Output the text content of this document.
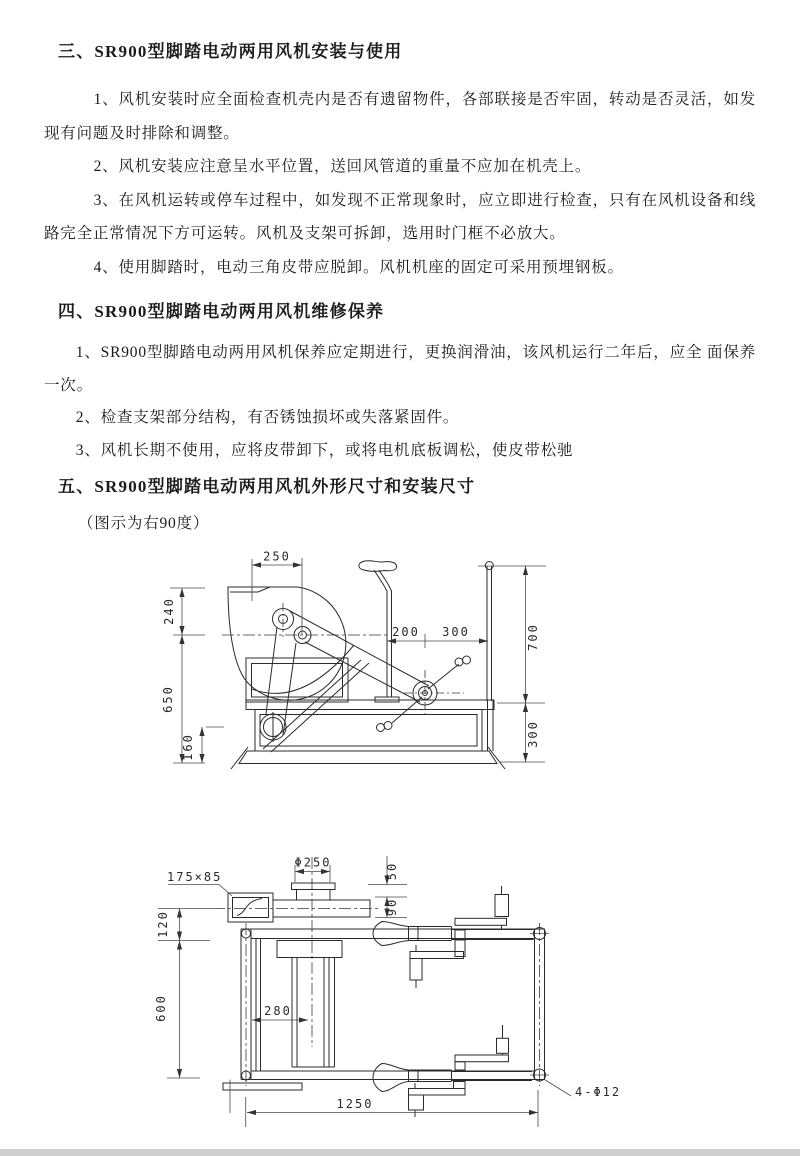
三、SR900型脚踏电动两用风机安装与使用

1、风机安装时应全面检查机壳内是否有遗留物件，各部联接是否牢固，转动是否灵活，如发现有问题及时排除和调整。

2、风机安装应注意呈水平位置，送回风管道的重量不应加在机壳上。

3、在风机运转或停车过程中，如发现不正常现象时，应立即进行检查，只有在风机设备和线路完全正常情况下方可运转。风机及支架可拆卸，选用时门框不必放大。

4、使用脚踏时，电动三角皮带应脱卸。风机机座的固定可采用预埋钢板。

四、SR900型脚踏电动两用风机维修保养

1、SR900型脚踏电动两用风机保养应定期进行，更换润滑油，该风机运行二年后，应全 面保养一次。

2、检查支架部分结构，有否锈蚀损坏或失落紧固件。

3、风机长期不使用，应将皮带卸下，或将电机底板调松，使皮带松驰

五、SR900型脚踏电动两用风机外形尺寸和安装尺寸

（图示为右90度）

250
240
650
160
200 300	700
300
175×85
Φ250	50
90
120
600	280
1250
4-Φ12
